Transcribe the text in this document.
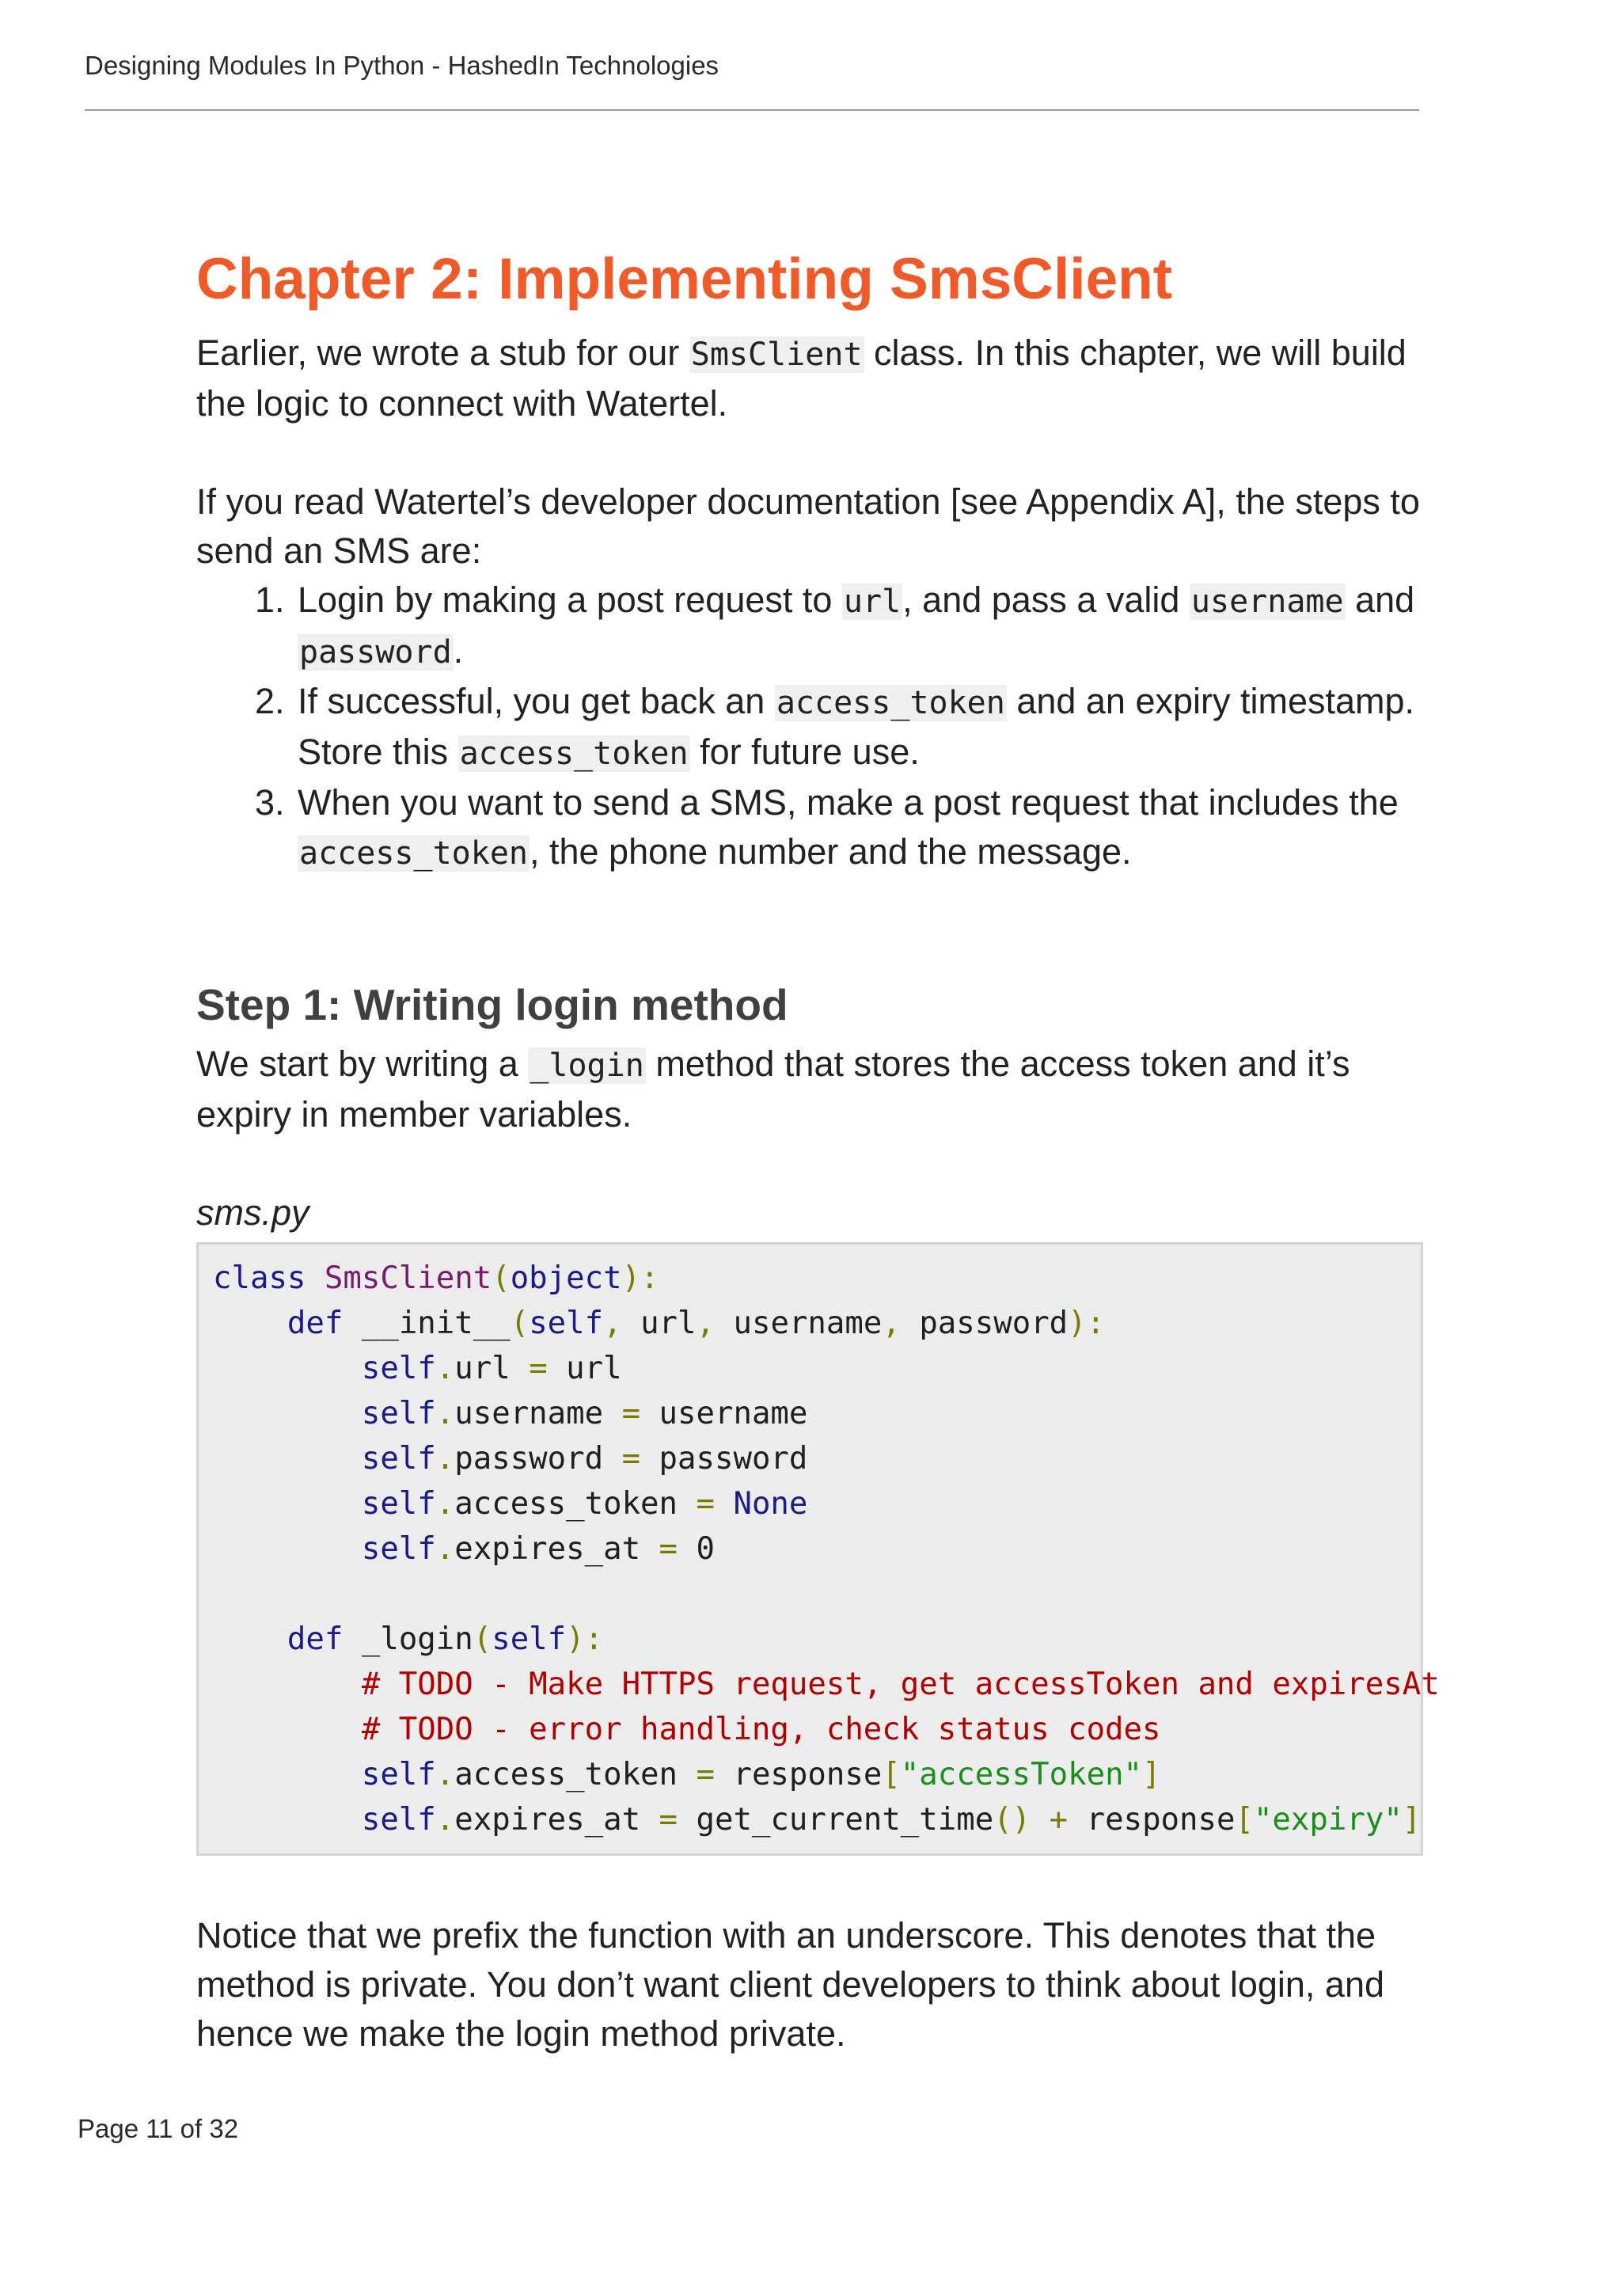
Designing Modules In Python - HashedIn Technologies
Chapter 2: Implementing SmsClient

Earlier, we wrote a stub for our SmsClient class. In this chapter, we will build the logic to connect with Watertel.

If you read Watertel’s developer documentation [see Appendix A], the steps to send an SMS are:

1. Login by making a post request to url, and pass a valid username and password.
2. If successful, you get back an access_token and an expiry timestamp. Store this access_token for future use.
3. When you want to send a SMS, make a post request that includes the access_token, the phone number and the message.
Step 1: Writing login method

We start by writing a _login method that stores the access token and it’s expiry in member variables.

sms.py
class SmsClient(object):
def __init__(self, url, username, password):
self.url = url
self.username = username
self.password = password
self.access_token = None
self.expires_at = 0

def _login(self):
# TODO - Make HTTPS request, get accessToken and expiresAt
# TODO - error handling, check status codes
self.access_token = response["accessToken"]
self.expires_at = get_current_time() + response["expiry"]

Notice that we prefix the function with an underscore. This denotes that the method is private. You don’t want client developers to think about login, and hence we make the login method private.

Page 11 of 32
